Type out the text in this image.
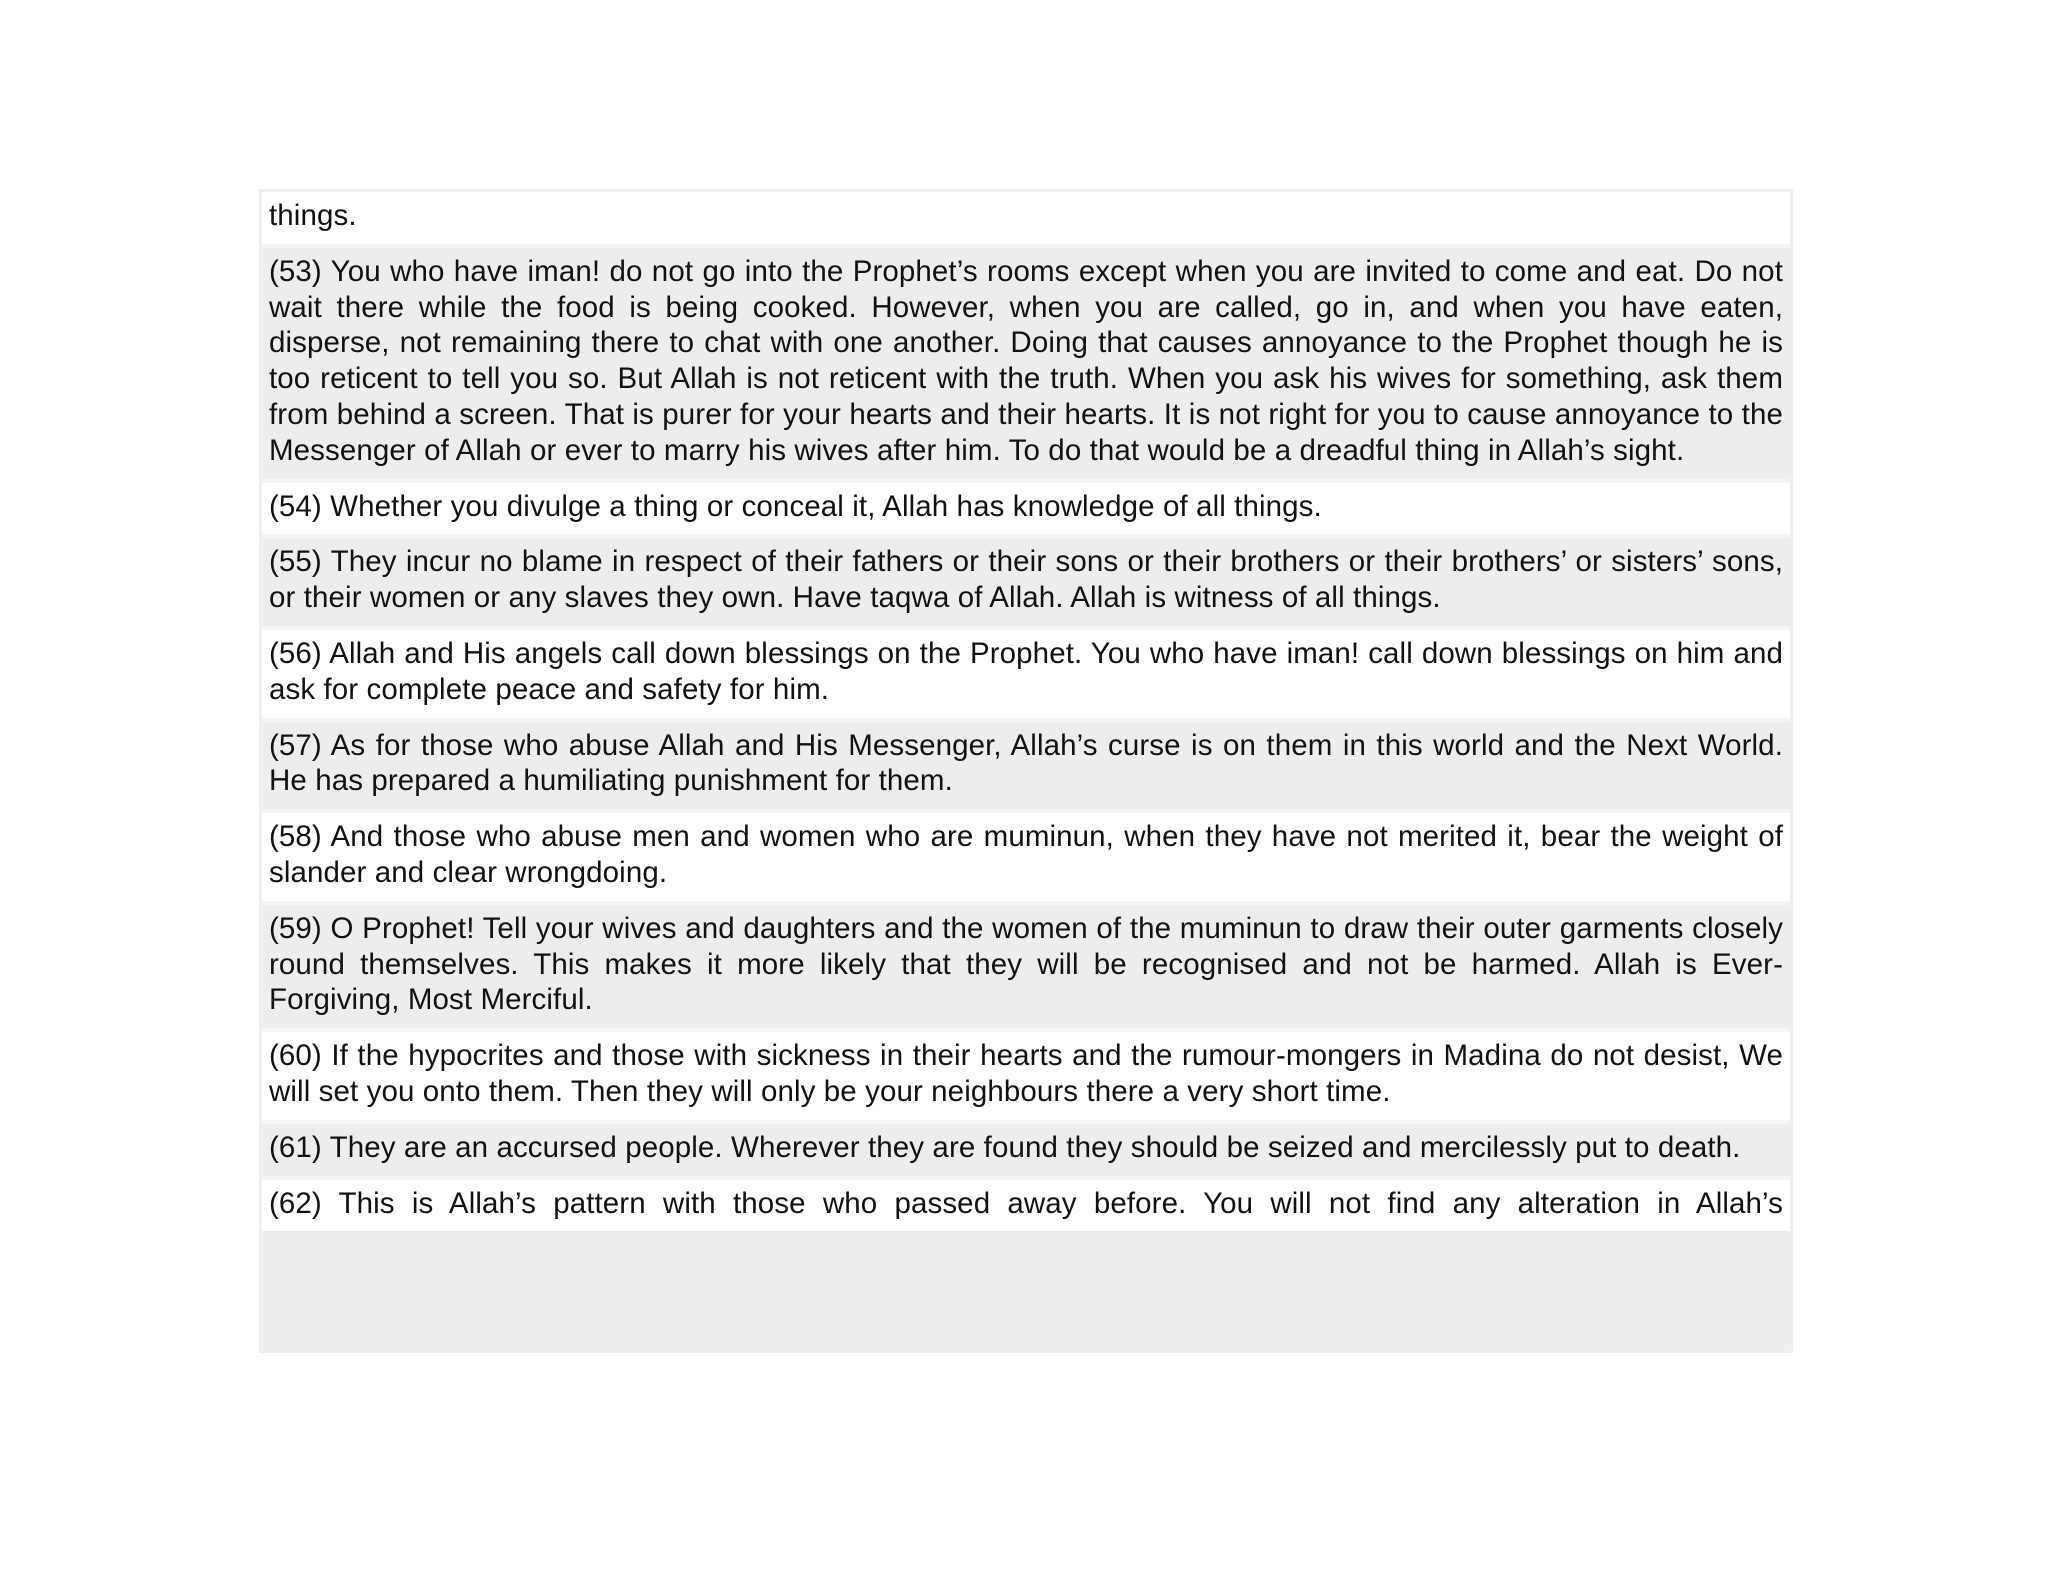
things.
(53) You who have iman! do not go into the Prophet’s rooms except when you are invited to come and eat. Do not wait there while the food is being cooked. However, when you are called, go in, and when you have eaten, disperse, not remaining there to chat with one another. Doing that causes annoyance to the Prophet though he is too reticent to tell you so. But Allah is not reticent with the truth. When you ask his wives for something, ask them from behind a screen. That is purer for your hearts and their hearts. It is not right for you to cause annoyance to the Messenger of Allah or ever to marry his wives after him. To do that would be a dreadful thing in Allah’s sight.
(54) Whether you divulge a thing or conceal it, Allah has knowledge of all things.
(55) They incur no blame in respect of their fathers or their sons or their brothers or their brothers’ or sisters’ sons, or their women or any slaves they own. Have taqwa of Allah. Allah is witness of all things.
(56) Allah and His angels call down blessings on the Prophet. You who have iman! call down blessings on him and ask for complete peace and safety for him.
(57) As for those who abuse Allah and His Messenger, Allah’s curse is on them in this world and the Next World. He has prepared a humiliating punishment for them.
(58) And those who abuse men and women who are muminun, when they have not merited it, bear the weight of slander and clear wrongdoing.
(59) O Prophet! Tell your wives and daughters and the women of the muminun to draw their outer garments closely round themselves. This makes it more likely that they will be recognised and not be harmed. Allah is Ever-Forgiving, Most Merciful.
(60) If the hypocrites and those with sickness in their hearts and the rumour-mongers in Madina do not desist, We will set you onto them. Then they will only be your neighbours there a very short time.
(61) They are an accursed people. Wherever they are found they should be seized and mercilessly put to death.
(62) This is Allah’s pattern with those who passed away before. You will not find any alteration in Allah’s
